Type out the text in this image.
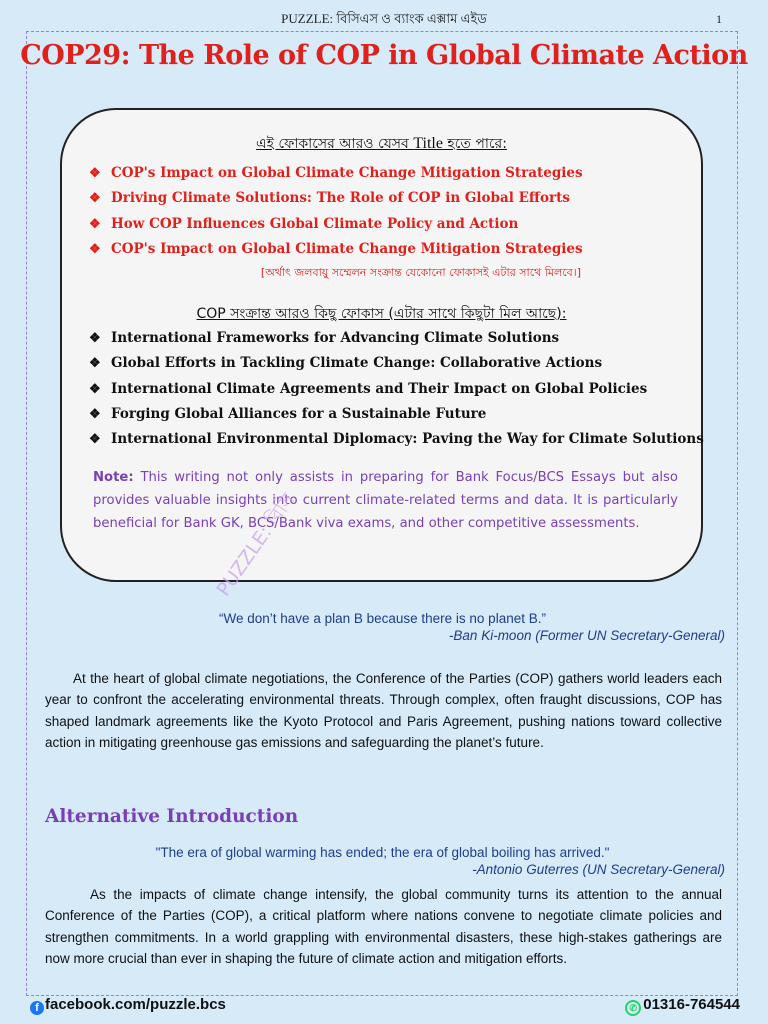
PUZZLE: বিসিএস ও ব্যাংক এক্সাম এইড	1
COP29: The Role of COP in Global Climate Action
এই ফোকাসের আরও যেসব Title হতে পারে:
❖ COP's Impact on Global Climate Change Mitigation Strategies
❖ Driving Climate Solutions: The Role of COP in Global Efforts
❖ How COP Influences Global Climate Policy and Action
❖ COP's Impact on Global Climate Change Mitigation Strategies
[অর্থাৎ জলবায়ু সম্মেলন সংক্রান্ত যেকোনো ফোকাসই এটার সাথে মিলবে।]
COP সংক্রান্ত আরও কিছু ফোকাস (এটার সাথে কিছুটা মিল আছে):
❖ International Frameworks for Advancing Climate Solutions
❖ Global Efforts in Tackling Climate Change: Collaborative Actions
❖ International Climate Agreements and Their Impact on Global Policies
❖ Forging Global Alliances for a Sustainable Future
❖ International Environmental Diplomacy: Paving the Way for Climate Solutions
Note: This writing not only assists in preparing for Bank Focus/BCS Essays but also provides valuable insights into current climate-related terms and data. It is particularly beneficial for Bank GK, BCS/Bank viva exams, and other competitive assessments.
PUZZLE: বিসি
“We don’t have a plan B because there is no planet B.”
-Ban Ki-moon (Former UN Secretary-General)
At the heart of global climate negotiations, the Conference of the Parties (COP) gathers world leaders each year to confront the accelerating environmental threats. Through complex, often fraught discussions, COP has shaped landmark agreements like the Kyoto Protocol and Paris Agreement, pushing nations toward collective action in mitigating greenhouse gas emissions and safeguarding the planet’s future.
Alternative Introduction
"The era of global warming has ended; the era of global boiling has arrived."
-Antonio Guterres (UN Secretary-General)
As the impacts of climate change intensify, the global community turns its attention to the annual Conference of the Parties (COP), a critical platform where nations convene to negotiate climate policies and strengthen commitments. In a world grappling with environmental disasters, these high-stakes gatherings are now more crucial than ever in shaping the future of climate action and mitigation efforts.
f facebook.com/puzzle.bcs	✆ 01316-764544
